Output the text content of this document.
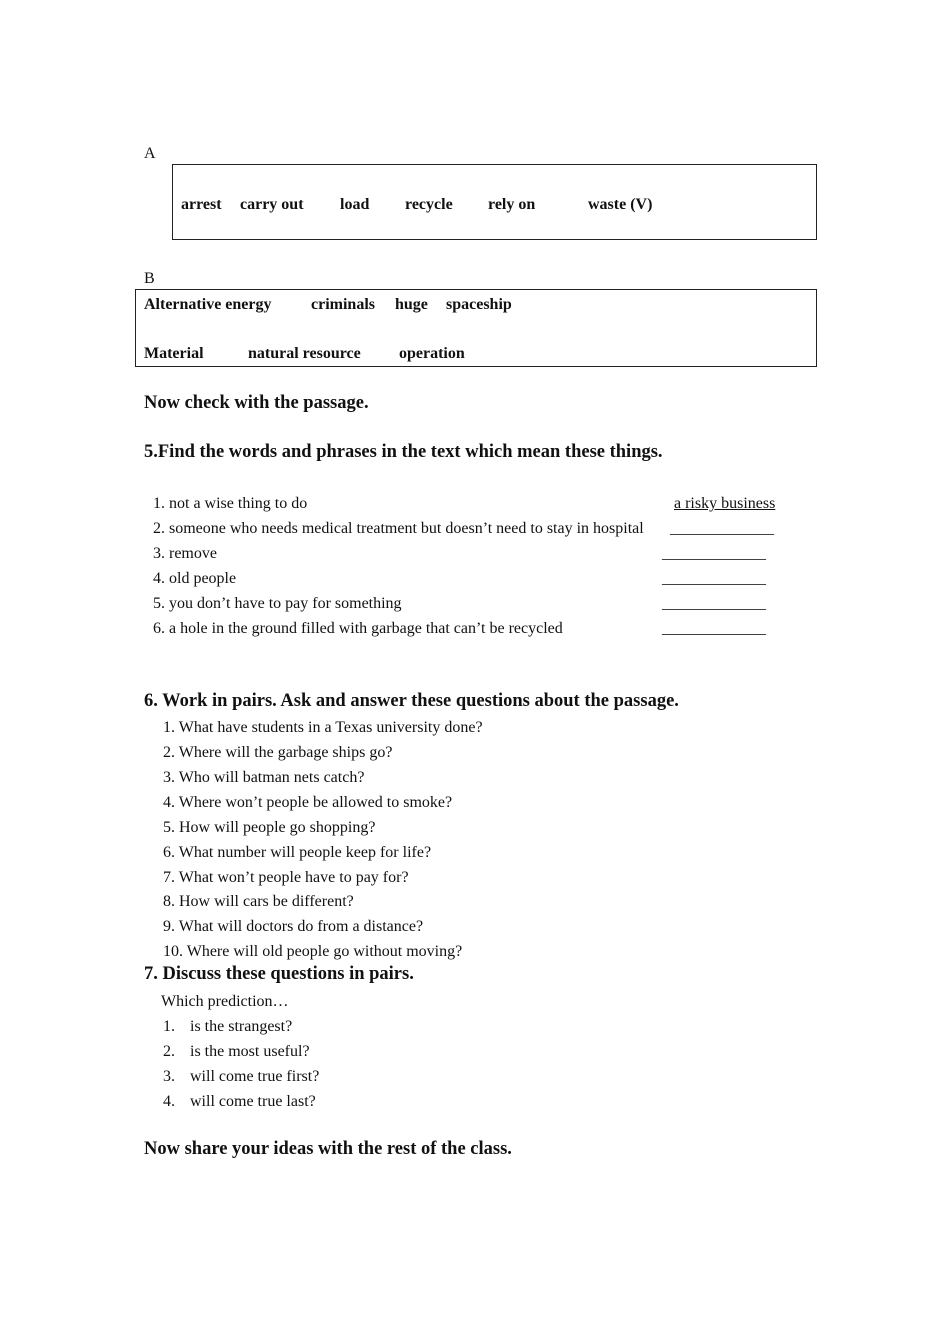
A
arrest carry out load recycle rely on	waste (V)
B
Alternative energy criminals huge spaceship
Material	natural resource operation
Now check with the passage.
5.Find the words and phrases in the text which mean these things.
1. not a wise thing to do	a risky business
2. someone who needs medical treatment but doesn’t need to stay in hospital _____________
3. remove	_____________
4. old people	_____________
5. you don’t have to pay for something	_____________
6. a hole in the ground filled with garbage that can’t be recycled	_____________
6. Work in pairs. Ask and answer these questions about the passage.
1. What have students in a Texas university done?
2. Where will the garbage ships go?
3. Who will batman nets catch?
4. Where won’t people be allowed to smoke?
5. How will people go shopping?
6. What number will people keep for life?
7. What won’t people have to pay for?
8. How will cars be different?
9. What will doctors do from a distance?
10. Where will old people go without moving?
7. Discuss these questions in pairs.
Which prediction…
1. is the strangest?
2. is the most useful?
3. will come true first?
4. will come true last?
Now share your ideas with the rest of the class.
